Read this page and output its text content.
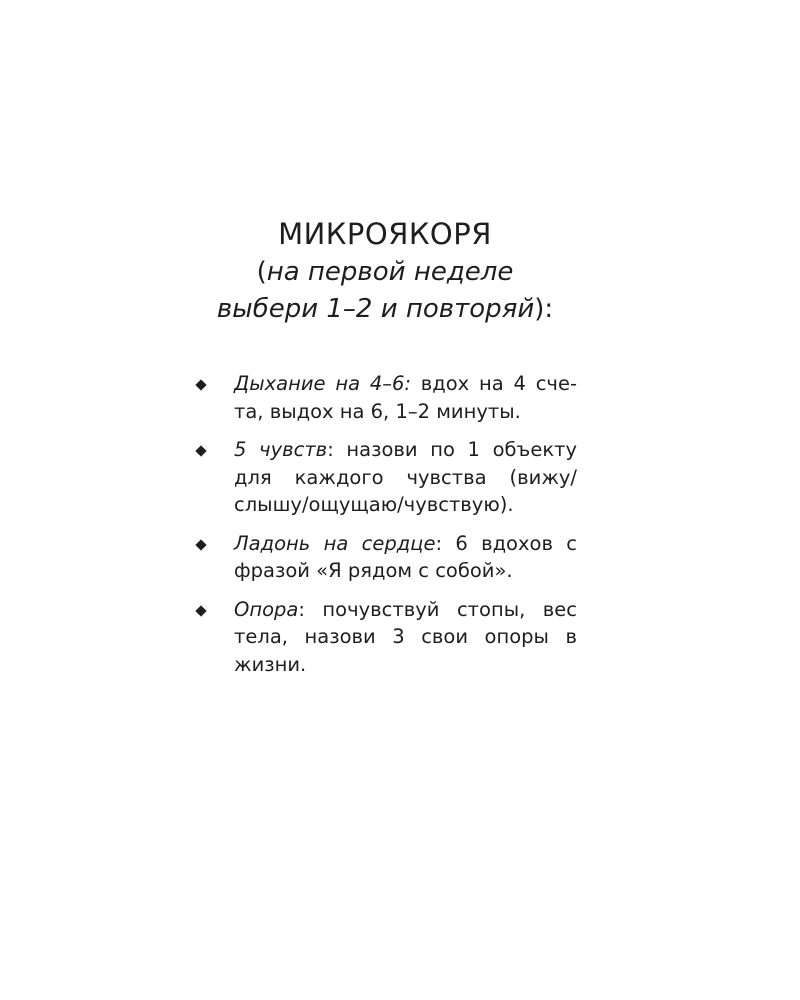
МИКРОЯКОРЯ

(на первой неделе
выбери 1–2 и повторяй):

Дыхание на 4–6: вдох на 4 счета, выдох на 6, 1–2 минуты.
5 чувств: назови по 1 объекту для каждого чувства (вижу/ слышу/ощущаю/чувствую).
Ладонь на сердце: 6 вдохов с фразой «Я рядом с собой».
Опора: почувствуй стопы, вес тела, назови 3 свои опоры в жизни.
